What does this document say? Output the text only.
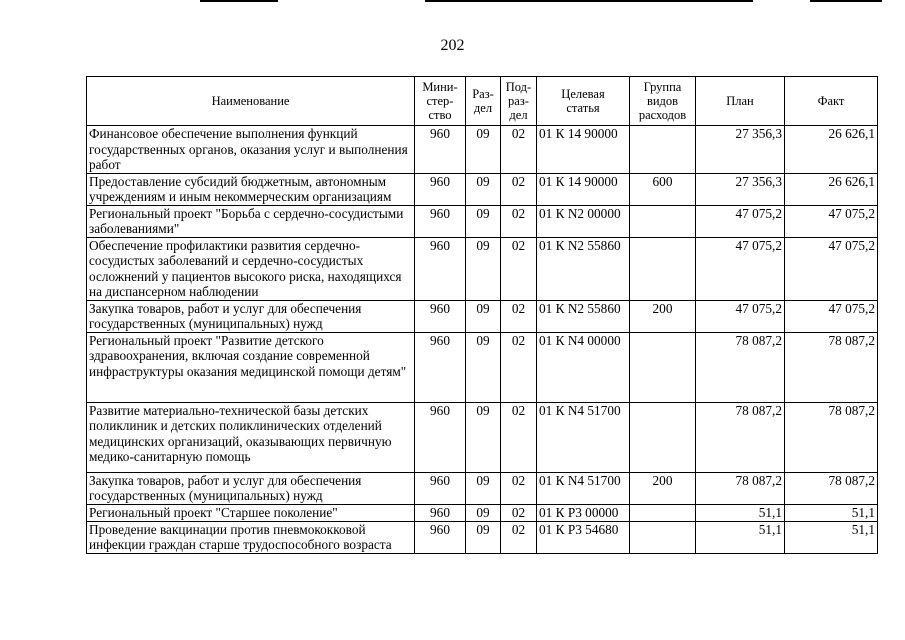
202
Наименование	Мини-
стер-
ство	Раз-
дел	Под-
раз-
дел	Целевая
статья	Группа
видов
расходов	План	Факт
Финансовое обеспечение выполнения функций государственных органов, оказания услуг и выполнения работ	960	09	02	01 К 14 90000		27 356,3	26 626,1
Предоставление субсидий бюджетным, автономным учреждениям и иным некоммерческим организациям	960	09	02	01 К 14 90000	600	27 356,3	26 626,1
Региональный проект "Борьба с сердечно-сосудистыми заболеваниями"	960	09	02	01 К N2 00000		47 075,2	47 075,2
Обеспечение профилактики развития сердечно-сосудистых заболеваний и сердечно-сосудистых осложнений у пациентов высокого риска, находящихся на диспансерном наблюдении	960	09	02	01 К N2 55860		47 075,2	47 075,2
Закупка товаров, работ и услуг для обеспечения государственных (муниципальных) нужд	960	09	02	01 К N2 55860	200	47 075,2	47 075,2
Региональный проект "Развитие детского здравоохранения, включая создание современной инфраструктуры оказания медицинской помощи детям"	960	09	02	01 К N4 00000		78 087,2	78 087,2
Развитие материально-технической базы детских поликлиник и детских поликлинических отделений медицинских организаций, оказывающих первичную медико-санитарную помощь	960	09	02	01 К N4 51700		78 087,2	78 087,2
Закупка товаров, работ и услуг для обеспечения государственных (муниципальных) нужд	960	09	02	01 К N4 51700	200	78 087,2	78 087,2
Региональный проект "Старшее поколение"	960	09	02	01 К P3 00000		51,1	51,1
Проведение вакцинации против пневмококковой инфекции граждан старше трудоспособного возраста	960	09	02	01 К P3 54680		51,1	51,1
